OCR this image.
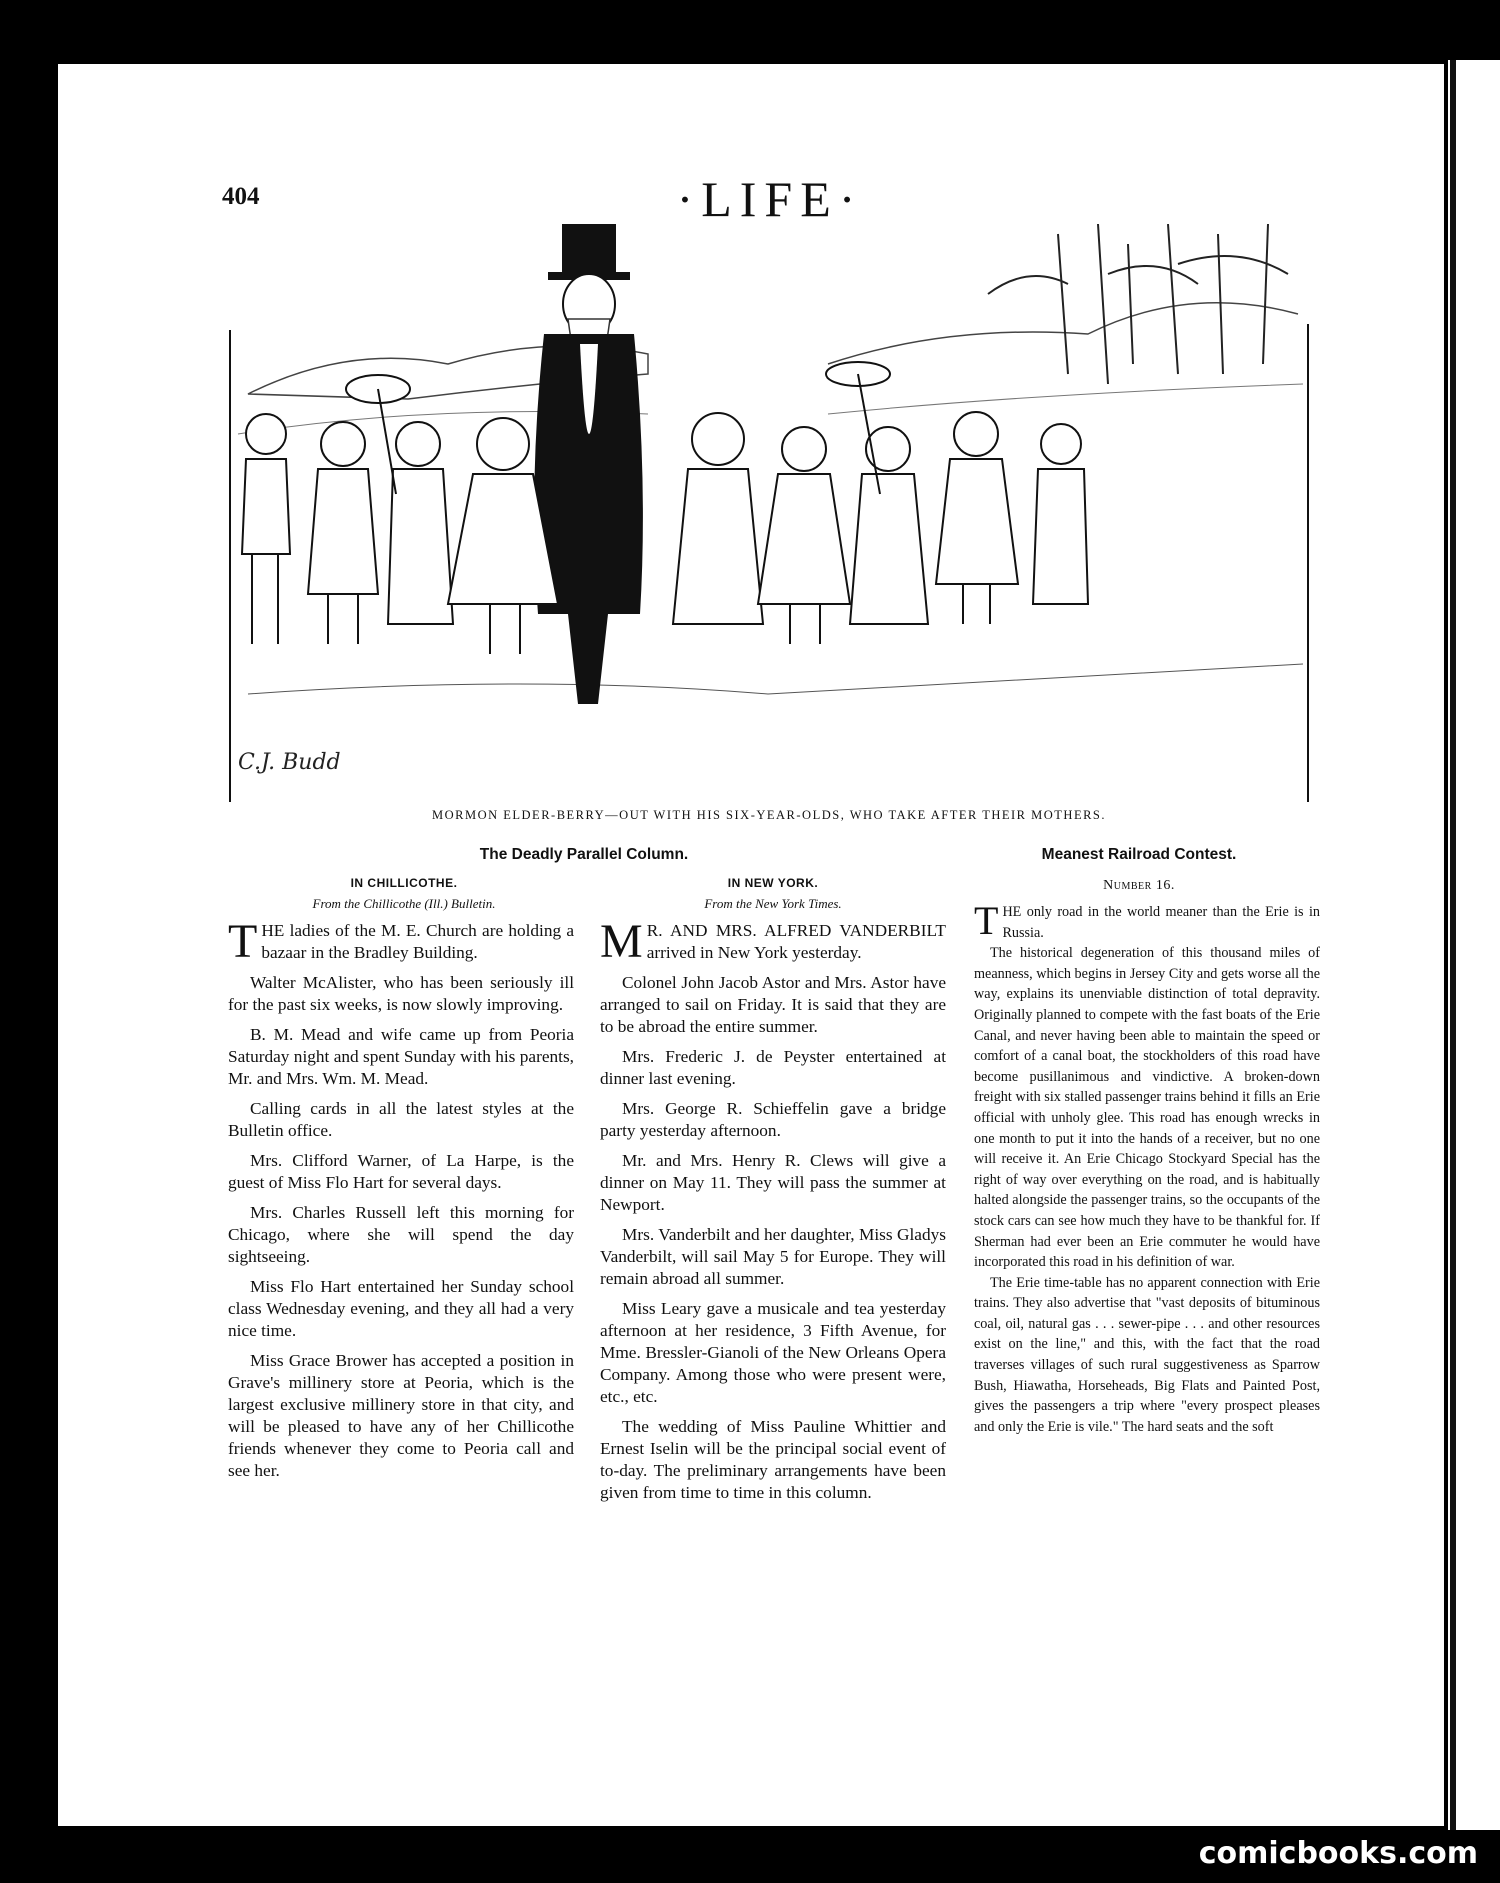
404	·LIFE·
C.J. Budd
MORMON ELDER-BERRY—OUT WITH HIS SIX-YEAR-OLDS, WHO TAKE AFTER THEIR MOTHERS.
The Deadly Parallel Column.
IN CHILLICOTHE.
From the Chillicothe (Ill.) Bulletin.
IN NEW YORK.
From the New York Times.

THE ladies of the M. E. Church are holding a bazaar in the Bradley Building.

Walter McAlister, who has been seriously ill for the past six weeks, is now slowly improving.

B. M. Mead and wife came up from Peoria Saturday night and spent Sunday with his parents, Mr. and Mrs. Wm. M. Mead.

Calling cards in all the latest styles at the Bulletin office.

Mrs. Clifford Warner, of La Harpe, is the guest of Miss Flo Hart for several days.

Mrs. Charles Russell left this morning for Chicago, where she will spend the day sightseeing.

Miss Flo Hart entertained her Sunday school class Wednesday evening, and they all had a very nice time.

Miss Grace Brower has accepted a position in Grave's millinery store at Peoria, which is the largest exclusive millinery store in that city, and will be pleased to have any of her Chillicothe friends whenever they come to Peoria call and see her.

M R. AND MRS. ALFRED VANDERBILT arrived in New York yesterday.

Colonel John Jacob Astor and Mrs. Astor have arranged to sail on Friday. It is said that they are to be abroad the entire summer.

Mrs. Frederic J. de Peyster entertained at dinner last evening.

Mrs. George R. Schieffelin gave a bridge party yesterday afternoon.

Mr. and Mrs. Henry R. Clews will give a dinner on May 11. They will pass the summer at Newport.

Mrs. Vanderbilt and her daughter, Miss Gladys Vanderbilt, will sail May 5 for Europe. They will remain abroad all summer.

Miss Leary gave a musicale and tea yesterday afternoon at her residence, 3 Fifth Avenue, for Mme. Bressler-Gianoli of the New Orleans Opera Company. Among those who were present were, etc., etc.

The wedding of Miss Pauline Whittier and Ernest Iselin will be the principal social event of to-day. The preliminary arrangements have been given from time to time in this column.

Meanest Railroad Contest.
Number 16.

THE only road in the world meaner than the Erie is in Russia.

The historical degeneration of this thousand miles of meanness, which begins in Jersey City and gets worse all the way, explains its unenviable distinction of total depravity. Originally planned to compete with the fast boats of the Erie Canal, and never having been able to maintain the speed or comfort of a canal boat, the stockholders of this road have become pusillanimous and vindictive. A broken-down freight with six stalled passenger trains behind it fills an Erie official with unholy glee. This road has enough wrecks in one month to put it into the hands of a receiver, but no one will receive it. An Erie Chicago Stockyard Special has the right of way over everything on the road, and is habitually halted alongside the passenger trains, so the occupants of the stock cars can see how much they have to be thankful for. If Sherman had ever been an Erie commuter he would have incorporated this road in his definition of war.

The Erie time-table has no apparent connection with Erie trains. They also advertise that "vast deposits of bituminous coal, oil, natural gas . . . sewer-pipe . . . and other resources exist on the line," and this, with the fact that the road traverses villages of such rural suggestiveness as Sparrow Bush, Hiawatha, Horseheads, Big Flats and Painted Post, gives the passengers a trip where "every prospect pleases and only the Erie is vile." The hard seats and the soft

comicbooks.com
